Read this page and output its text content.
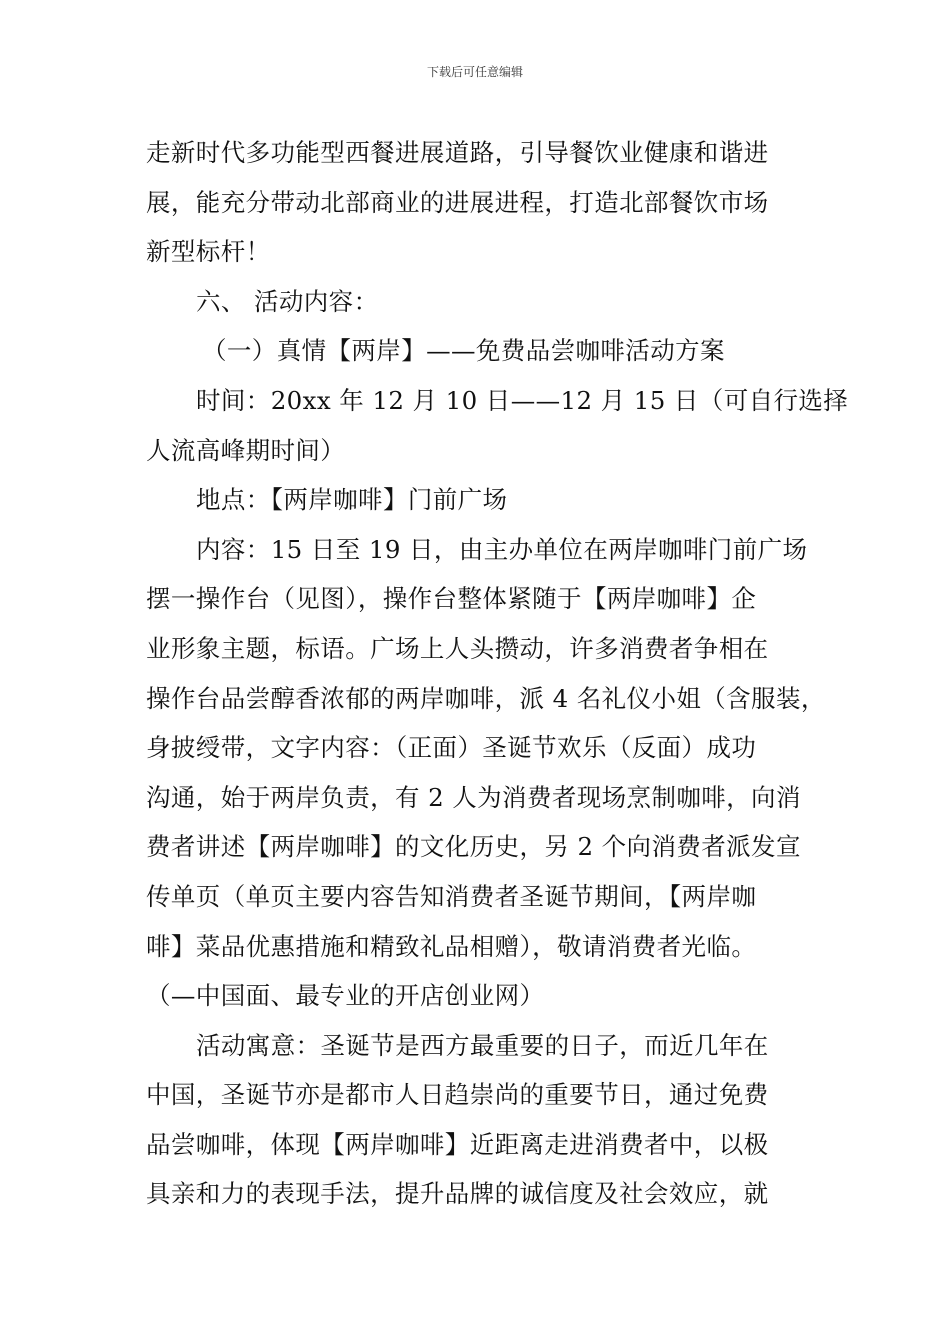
下载后可任意编辑
走新时代多功能型西餐进展道路，引导餐饮业健康和谐进
展，能充分带动北部商业的进展进程，打造北部餐饮市场
新型标杆！
六、 活动内容：
（一）真情【两岸】——免费品尝咖啡活动方案
时间：20xx 年 12 月 10 日——12 月 15 日（可自行选择
人流高峰期时间）
地点：【两岸咖啡】门前广场
内容：15 日至 19 日，由主办单位在两岸咖啡门前广场
摆一操作台（见图），操作台整体紧随于【两岸咖啡】企
业形象主题，标语。广场上人头攒动，许多消费者争相在
操作台品尝醇香浓郁的两岸咖啡，派 4 名礼仪小姐（含服装，
身披绶带，文字内容：（正面）圣诞节欢乐（反面）成功
沟通，始于两岸负责，有 2 人为消费者现场烹制咖啡，向消
费者讲述【两岸咖啡】的文化历史，另 2 个向消费者派发宣
传单页（单页主要内容告知消费者圣诞节期间，【两岸咖
啡】菜品优惠措施和精致礼品相赠），敬请消费者光临。
（—中国面、最专业的开店创业网）
活动寓意：圣诞节是西方最重要的日子，而近几年在
中国，圣诞节亦是都市人日趋崇尚的重要节日，通过免费
品尝咖啡，体现【两岸咖啡】近距离走进消费者中，以极
具亲和力的表现手法，提升品牌的诚信度及社会效应，就
